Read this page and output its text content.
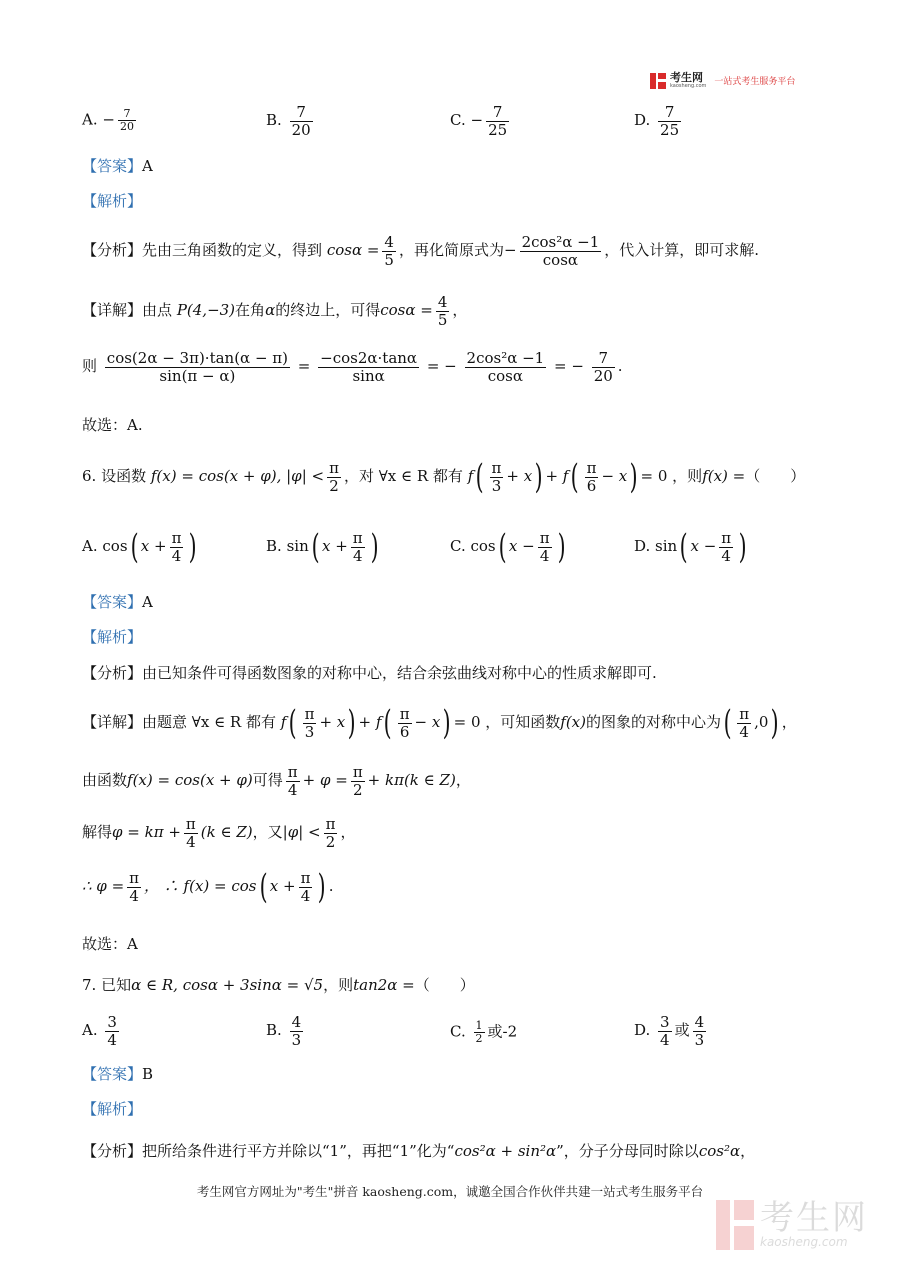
考生网
kaosheng.com 一站式考生服务平台
A. − $\frac{7}{20}$	B. $\frac{7}{20}$	C. − $\frac{7}{25}$	D. $\frac{7}{25}$
【答案】A
【解析】
【分析】先由三角函数的定义，得到 $\cos\alpha = \frac{4}{5}$ ，再化简原式为− $\frac{\text{2cos²α −1}}{\cos\alpha}$ ，代入计算，即可求解.
【详解】由点 P(4,−3)在角α的终边上，可得$\cos\alpha = \frac{4}{5}$ ，
则 $\frac{\cos(2\alpha - 3\pi)\cdot\tan(\alpha - \pi)}{\sin(\pi - \alpha)} = \frac{-\cos 2\alpha\cdot\tan\alpha}{\sin\alpha}$ = − $\frac{\text{2cos²α −1}}{\cos\alpha}$ = − $\frac{7}{20}$ .
故选：A.
6. 设函数 f(x) = cos(x + φ), $|\varphi| < \frac{\pi}{2}$ ，对 ∀x ∈ R 都有 $f( \frac{\pi}{3} + x) + f( \frac{\pi}{6} - x) = 0$ ，则f(x) =（　　）
A. cos( $x + \frac{\pi}{4}$ )	B. sin( $x + \frac{\pi}{4}$ )	C. cos( $x - \frac{\pi}{4}$ )	D. sin( $x - \frac{\pi}{4}$ )
【答案】A
【解析】
【分析】由已知条件可得函数图象的对称中心，结合余弦曲线对称中心的性质求解即可.
【详解】由题意 ∀x ∈ R 都有 $f( \frac{\pi}{3} + x) + f( \frac{\pi}{6} - x) = 0$ ，可知函数f(x)的图象的对称中心为( $\frac{\pi}{4} ,0$) ，
由函数f(x) = cos(x + φ)可得 $\frac{\pi}{4} + \varphi = \frac{\pi}{2} + k\pi(k$ ∈ Z)，
解得$\varphi = k\pi + \frac{\pi}{4} (k$ ∈ Z)，又$|\varphi| < \frac{\pi}{2}$ ，
∴ $\varphi = \frac{\pi}{4}$ ， ∴ f(x) = cos( $x + \frac{\pi}{4}$ ) .
故选：A
7. 已知α ∈ R, cosα + 3sinα = √5，则tan2α =（　　）
A. $\frac{3}{4}$	B. $\frac{4}{3}$	C. $\frac{1}{2}$ 或-2	D. $\frac{3}{4}$ 或 $\frac{4}{3}$
【答案】B
【解析】
【分析】把所给条件进行平方并除以“1”，再把“1”化为“cos²α + sin²α”，分子分母同时除以cos²α，
考生网官方网址为"考生"拼音 kaosheng.com，诚邀全国合作伙伴共建一站式考生服务平台
考生网
kaosheng.com
